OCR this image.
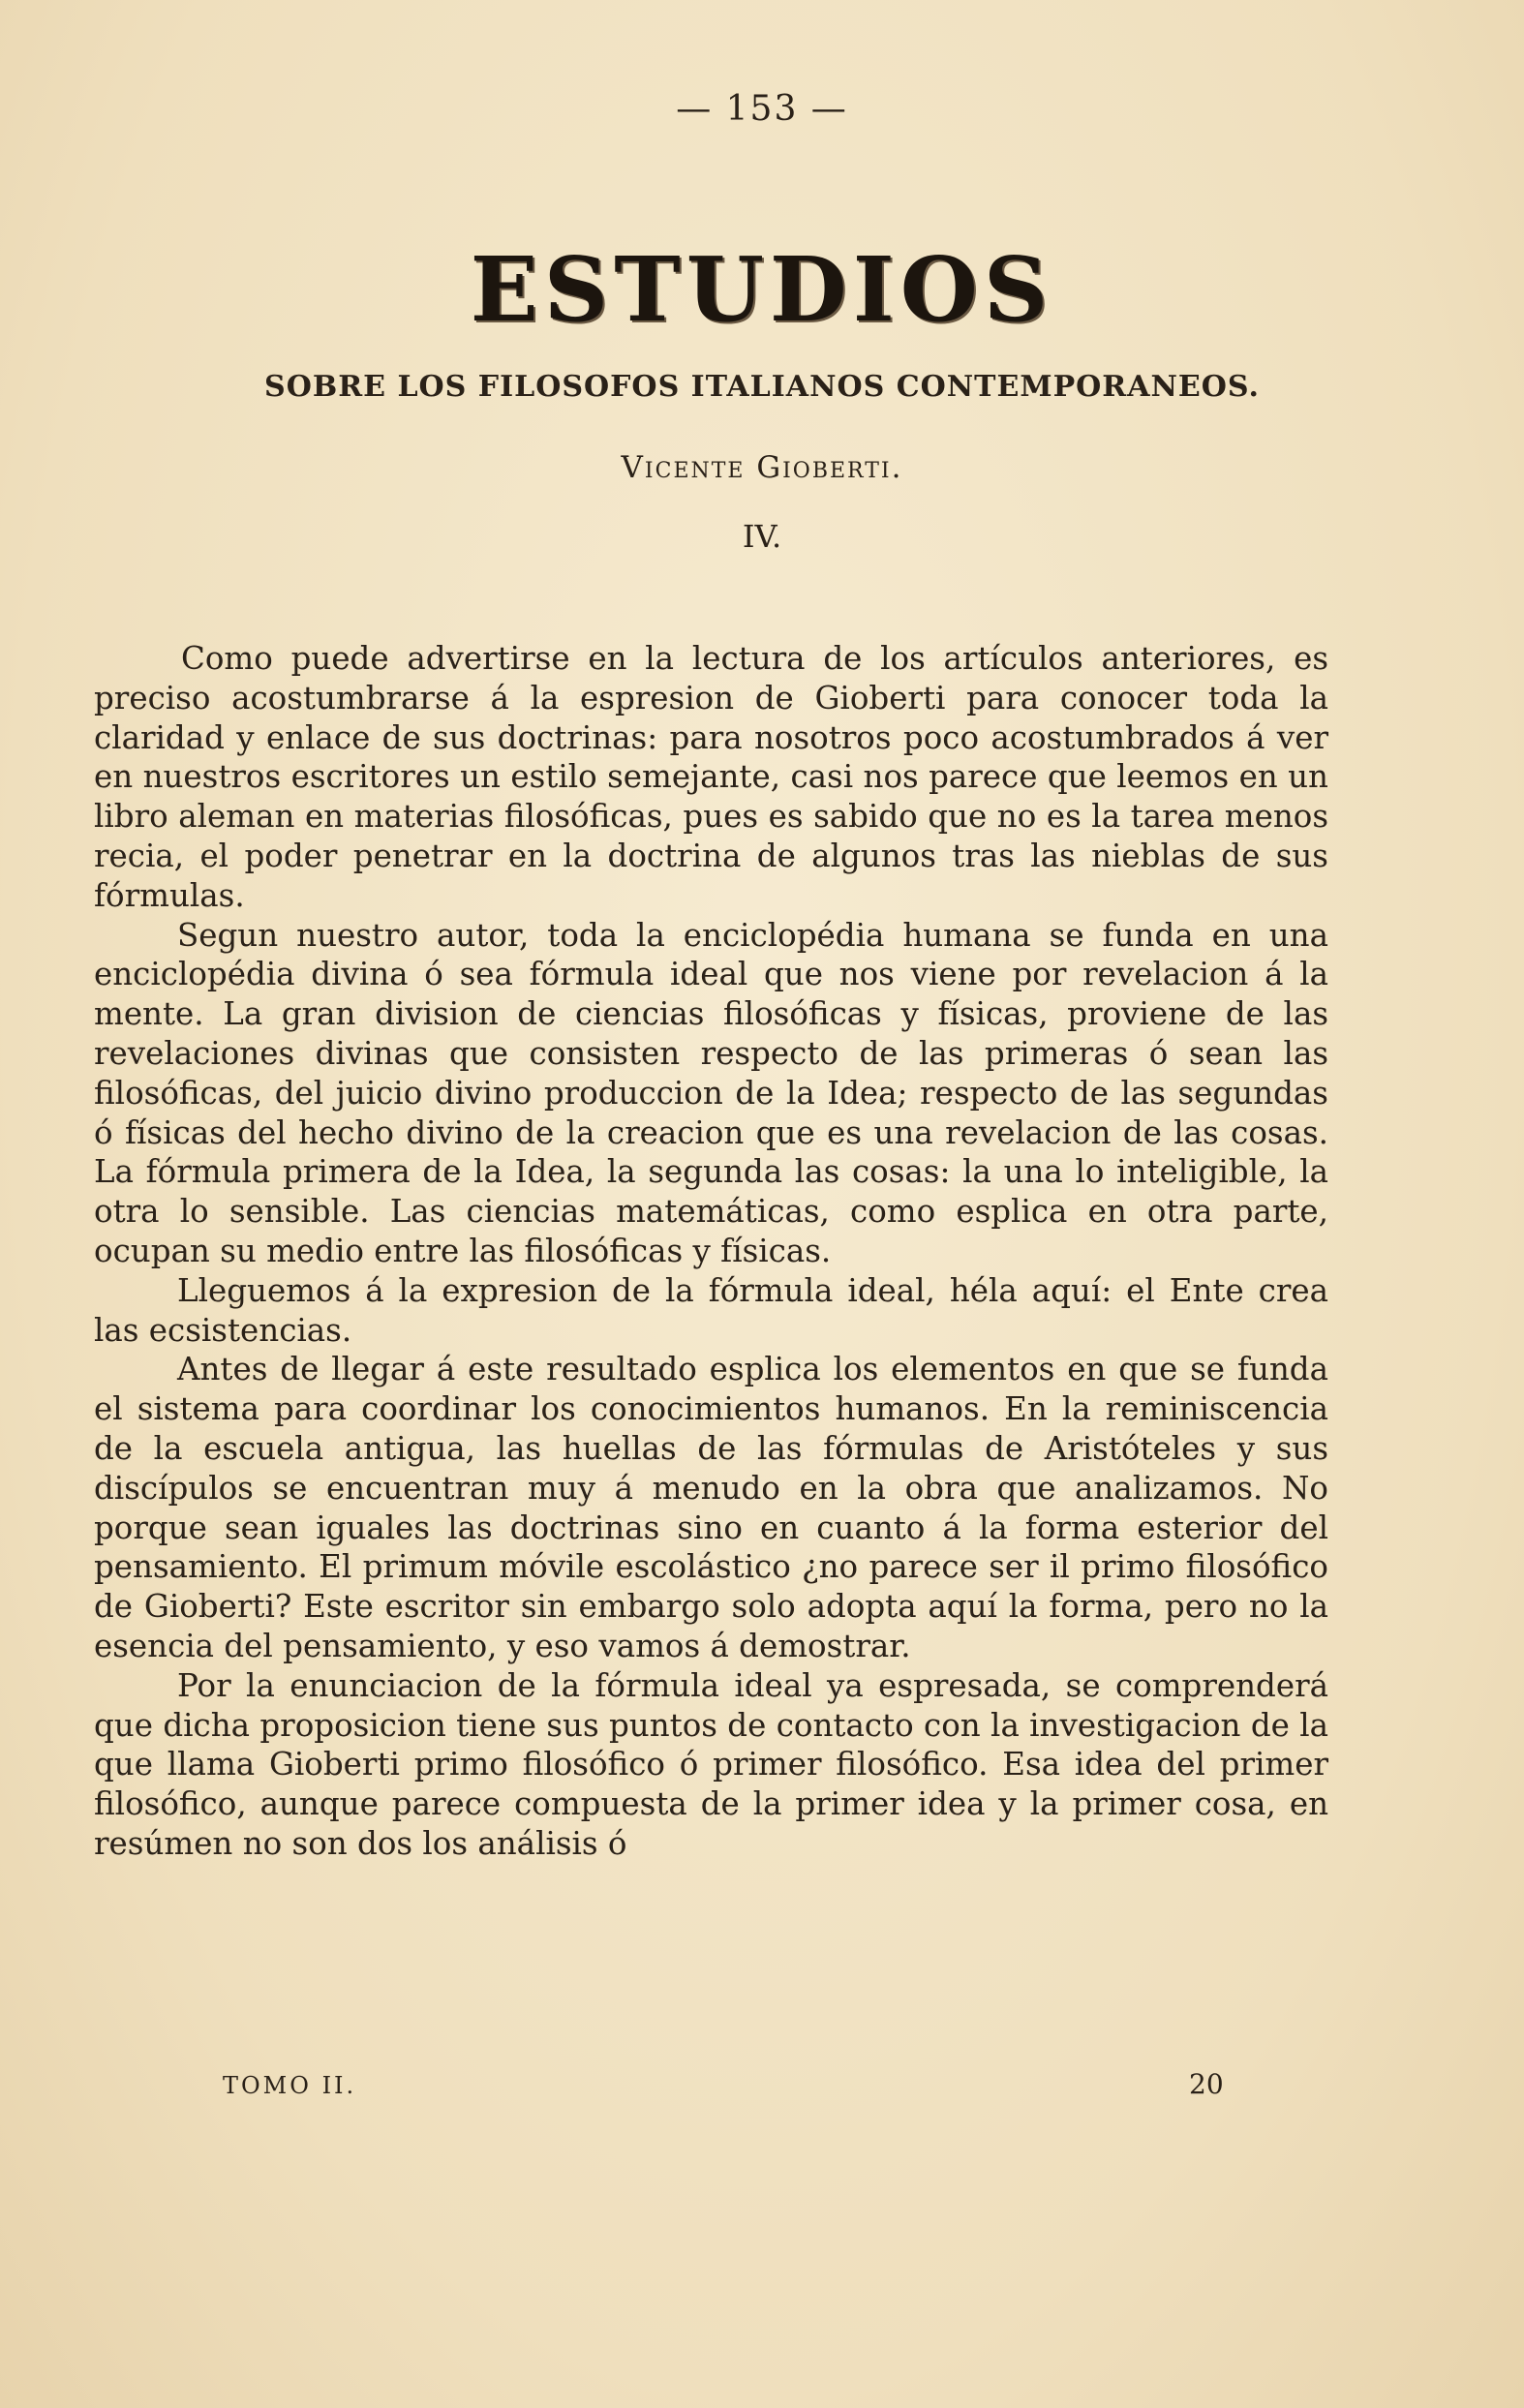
— 153 —
ESTUDIOS
SOBRE LOS FILOSOFOS ITALIANOS CONTEMPORANEOS.
Vicente Gioberti.
IV.

Como puede advertirse en la lectura de los artículos anteriores, es preciso acostumbrarse á la espresion de Gioberti para conocer toda la claridad y enlace de sus doctrinas: para nosotros poco acostumbrados á ver en nuestros escritores un estilo semejante, casi nos parece que leemos en un libro aleman en materias filosóficas, pues es sabido que no es la tarea menos recia, el poder penetrar en la doctrina de algunos tras las nieblas de sus fórmulas.

Segun nuestro autor, toda la enciclopédia humana se funda en una enciclopédia divina ó sea fórmula ideal que nos viene por revelacion á la mente. La gran division de ciencias filosóficas y físicas, proviene de las revelaciones divinas que consisten respecto de las primeras ó sean las filosóficas, del juicio divino produccion de la Idea; respecto de las segundas ó físicas del hecho divino de la creacion que es una revelacion de las cosas. La fórmula primera de la Idea, la segunda las cosas: la una lo inteligible, la otra lo sensible. Las ciencias matemáticas, como esplica en otra parte, ocupan su medio entre las filosóficas y físicas.

Lleguemos á la expresion de la fórmula ideal, héla aquí: el Ente crea las ecsistencias.

Antes de llegar á este resultado esplica los elementos en que se funda el sistema para coordinar los conocimientos humanos. En la reminiscencia de la escuela antigua, las huellas de las fórmulas de Aristóteles y sus discípulos se encuentran muy á menudo en la obra que analizamos. No porque sean iguales las doctrinas sino en cuanto á la forma esterior del pensamiento. El primum móvile escolástico ¿no parece ser il primo filosófico de Gioberti? Este escritor sin embargo solo adopta aquí la forma, pero no la esencia del pensamiento, y eso vamos á demostrar.

Por la enunciacion de la fórmula ideal ya espresada, se comprenderá que dicha proposicion tiene sus puntos de contacto con la investigacion de la que llama Gioberti primo filosófico ó primer filosófico. Esa idea del primer filosófico, aunque parece compuesta de la primer idea y la primer cosa, en resúmen no son dos los análisis ó

TOMO II.	20
